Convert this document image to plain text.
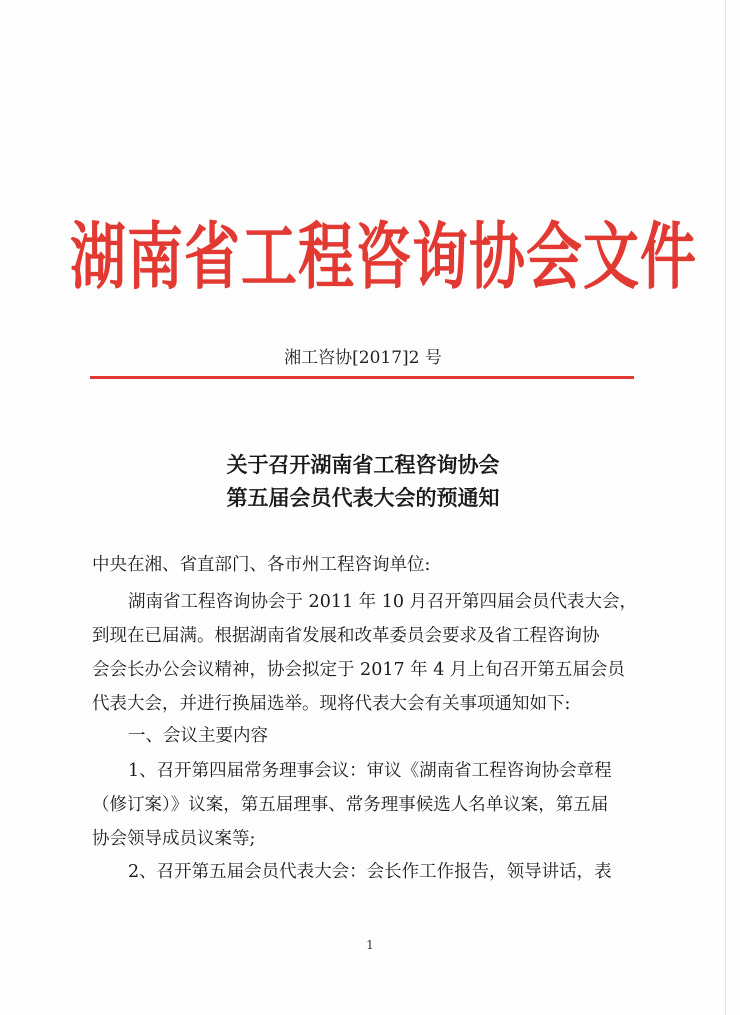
湖南省工程咨询协会文件
湘工咨协[2017]2 号
关于召开湖南省工程咨询协会
第五届会员代表大会的预通知
中央在湘、省直部门、各市州工程咨询单位:
湖南省工程咨询协会于 2011 年 10 月召开第四届会员代表大会，
到现在已届满。根据湖南省发展和改革委员会要求及省工程咨询协
会会长办公会议精神，协会拟定于 2017 年 4 月上旬召开第五届会员
代表大会，并进行换届选举。现将代表大会有关事项通知如下:
一、会议主要内容
1、召开第四届常务理事会议：审议《湖南省工程咨询协会章程
（修订案）》议案，第五届理事、常务理事候选人名单议案，第五届
协会领导成员议案等;
2、召开第五届会员代表大会：会长作工作报告，领导讲话，表
1
